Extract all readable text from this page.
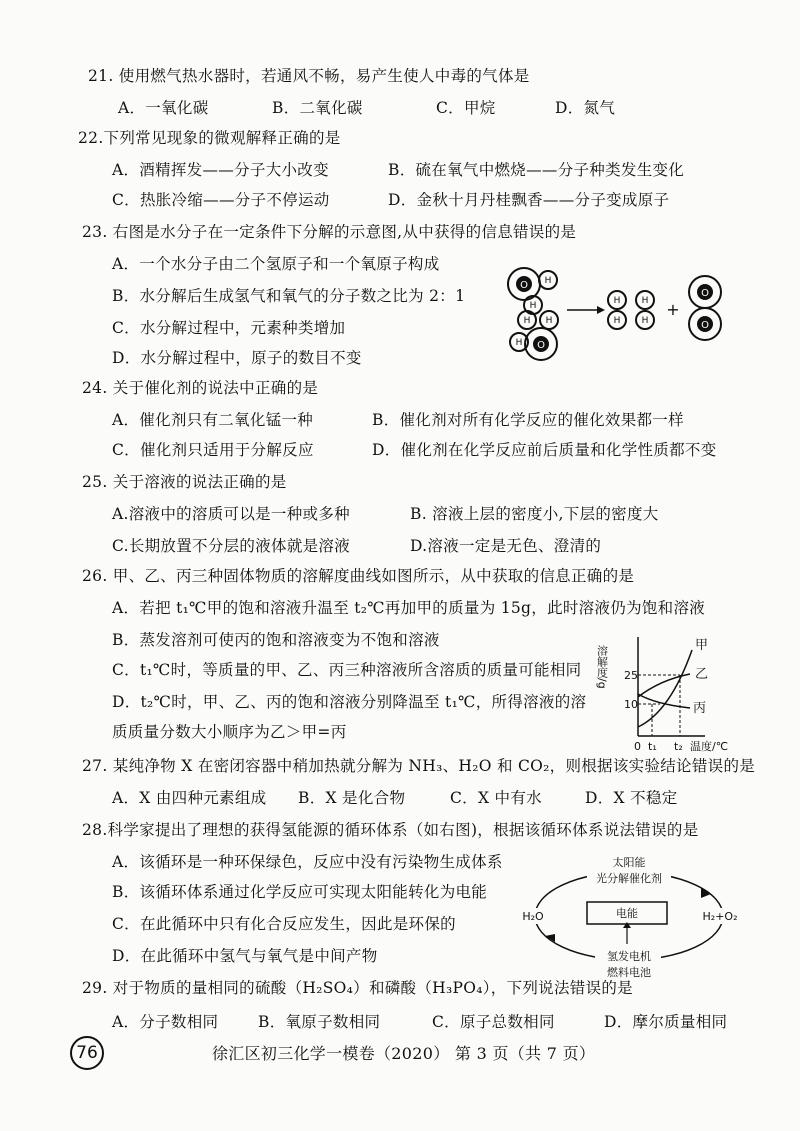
21. 使用燃气热水器时，若通风不畅，易产生使人中毒的气体是
A．一氧化碳	B．二氧化碳	C．甲烷	D．氮气
22.下列常见现象的微观解释正确的是
A．酒精挥发——分子大小改变	B．硫在氧气中燃烧——分子种类发生变化
C．热胀冷缩——分子不停运动	D．金秋十月丹桂飘香——分子变成原子
23. 右图是水分子在一定条件下分解的示意图,从中获得的信息错误的是
A．一个水分子由二个氢原子和一个氧原子构成
B．水分解后生成氢气和氧气的分子数之比为 2：1
C．水分解过程中，元素种类增加
D．水分解过程中，原子的数目不变
H
H
H H
H
H H
H H
O
O
O
O
+
24. 关于催化剂的说法中正确的是
A．催化剂只有二氧化锰一种	B．催化剂对所有化学反应的催化效果都一样
C．催化剂只适用于分解反应	D．催化剂在化学反应前后质量和化学性质都不变
25. 关于溶液的说法正确的是
A.溶液中的溶质可以是一种或多种	B. 溶液上层的密度小,下层的密度大
C.长期放置不分层的液体就是溶液	D.溶液一定是无色、澄清的
26. 甲、乙、丙三种固体物质的溶解度曲线如图所示，从中获取的信息正确的是
A．若把 t₁℃甲的饱和溶液升温至 t₂℃再加甲的质量为 15g，此时溶液仍为饱和溶液
B．蒸发溶剂可使丙的饱和溶液变为不饱和溶液
C．t₁℃时，等质量的甲、乙、丙三种溶液所含溶质的质量可能相同
D．t₂℃时，甲、乙、丙的饱和溶液分别降温至 t₁℃，所得溶液的溶
质质量分数大小顺序为乙＞甲=丙
溶解度/g 25
10
0 t₁ t₂ 温度/℃
甲
乙
丙
27. 某纯净物 X 在密闭容器中稍加热就分解为 NH₃、H₂O 和 CO₂，则根据该实验结论错误的是
A．X 由四种元素组成 B．X 是化合物	C．X 中有水	D．X 不稳定
28.科学家提出了理想的获得氢能源的循环体系（如右图)，根据该循环体系说法错误的是
A．该循环是一种环保绿色，反应中没有污染物生成体系
B．该循环体系通过化学反应可实现太阳能转化为电能
C．在此循环中只有化合反应发生，因此是环保的
D．在此循环中氢气与氧气是中间产物
太阳能
光分解催化剂
电能
H₂O	H₂+O₂
氢发电机
燃料电池
29. 对于物质的量相同的硫酸（H₂SO₄）和磷酸（H₃PO₄），下列说法错误的是
A．分子数相同	B．氧原子数相同	C．原子总数相同	D．摩尔质量相同
76	徐汇区初三化学一模卷（2020） 第 3 页（共 7 页）
